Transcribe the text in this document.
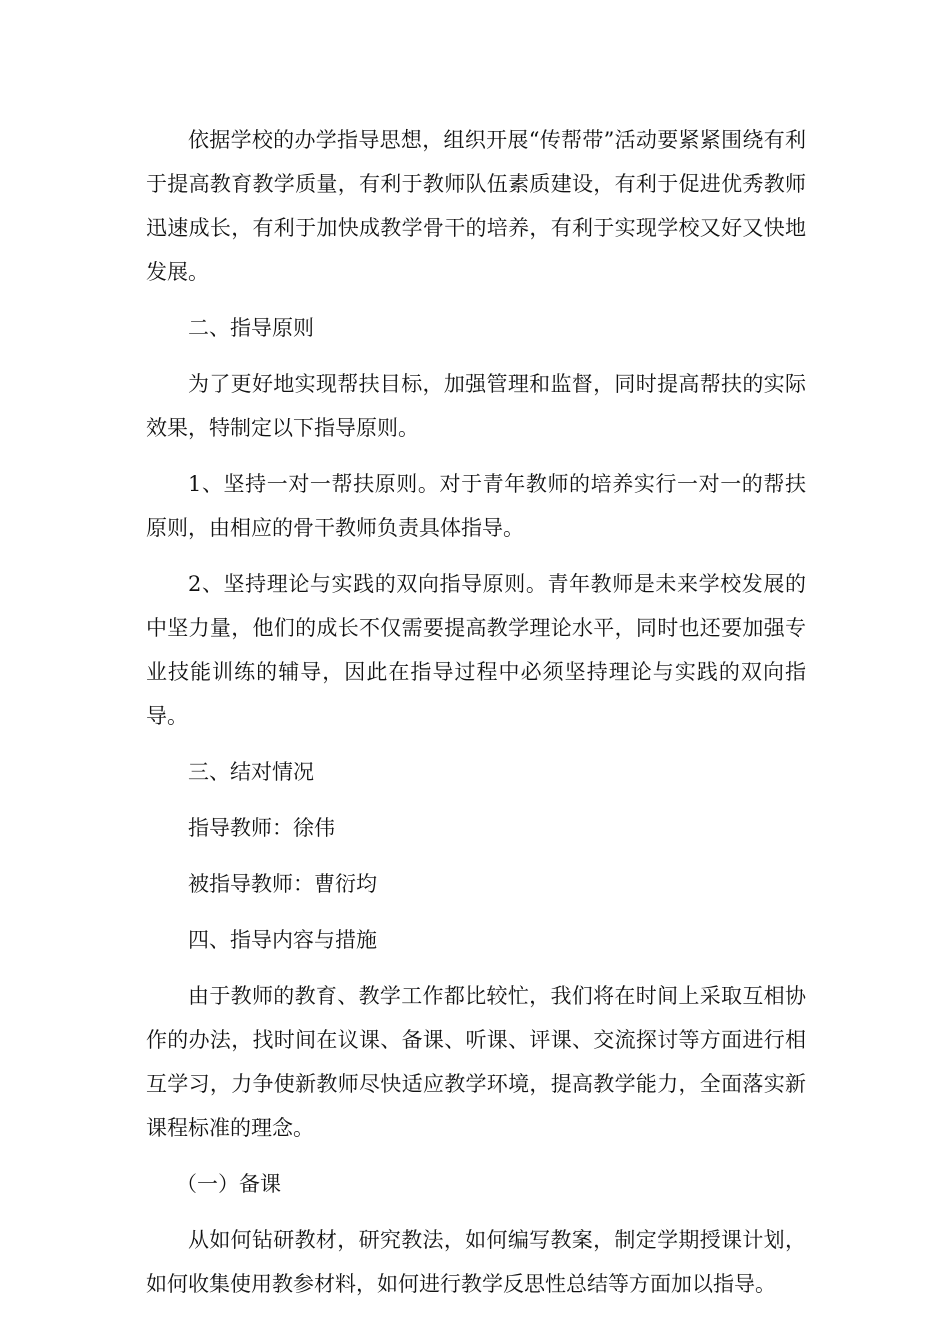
依据学校的办学指导思想，组织开展“传帮带”活动要紧紧围绕有利于提高教育教学质量，有利于教师队伍素质建设，有利于促进优秀教师迅速成长，有利于加快成教学骨干的培养，有利于实现学校又好又快地发展。

二、指导原则

为了更好地实现帮扶目标，加强管理和监督，同时提高帮扶的实际效果，特制定以下指导原则。

1、坚持一对一帮扶原则。对于青年教师的培养实行一对一的帮扶原则，由相应的骨干教师负责具体指导。

2、坚持理论与实践的双向指导原则。青年教师是未来学校发展的中坚力量，他们的成长不仅需要提高教学理论水平，同时也还要加强专业技能训练的辅导，因此在指导过程中必须坚持理论与实践的双向指导。

三、结对情况

指导教师：徐伟

被指导教师：曹衍均

四、指导内容与措施

由于教师的教育、教学工作都比较忙，我们将在时间上采取互相协作的办法，找时间在议课、备课、听课、评课、交流探讨等方面进行相互学习，力争使新教师尽快适应教学环境，提高教学能力，全面落实新课程标准的理念。

（一）备课

从如何钻研教材，研究教法，如何编写教案，制定学期授课计划，如何收集使用教参材料，如何进行教学反思性总结等方面加以指导。
